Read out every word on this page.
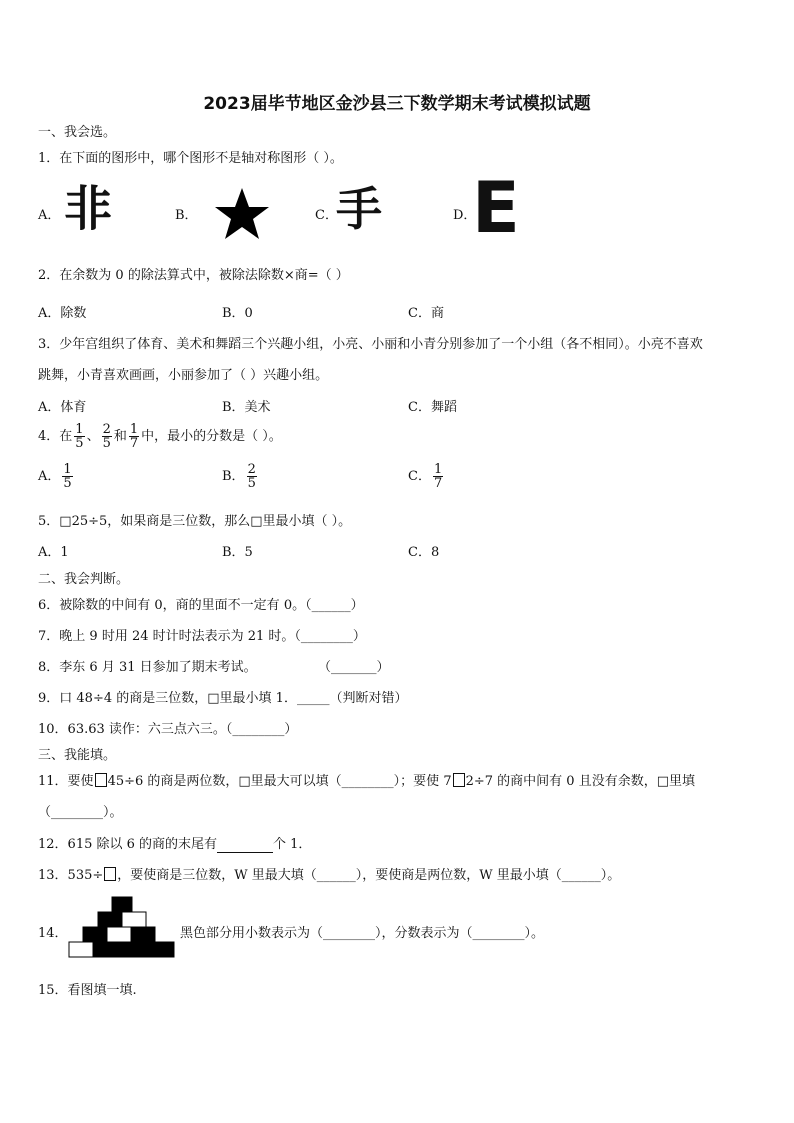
2023届毕节地区金沙县三下数学期末考试模拟试题
一、我会选。
1．在下面的图形中，哪个图形不是轴对称图形（ ）。
A． 非	B．	C．
手	D．
E
2．在余数为 0 的除法算式中，被除法除数×商=（ ）
A．除数	B．0	C．商
3．少年宫组织了体育、美术和舞蹈三个兴趣小组，小亮、小丽和小青分别参加了一个小组（各不相同）。小亮不喜欢
跳舞，小青喜欢画画，小丽参加了（ ）兴趣小组。
A．体育	B．美术	C．舞蹈
4．在 $\frac{1}{5}$ 、 $\frac{2}{5}$ 和 $\frac{1}{7}$ 中，最小的分数是（ ）。
A． $\frac{1}{5}$	B． $\frac{2}{5}$	C． $\frac{1}{7}$
5．□25÷5，如果商是三位数，那么□里最小填（ ）。
A．1	B．5	C．8
二、我会判断。
6．被除数的中间有 0，商的里面不一定有 0。（______）
7．晚上 9 时用 24 时计时法表示为 21 时。（________）
8．李东 6 月 31 日参加了期末考试。	（_______）
9．口 48÷4 的商是三位数，□里最小填 1．_____（判断对错）
10．63.63 读作：六三点六三。（________）
三、我能填。
11．要使 45÷6 的商是两位数，□里最大可以填（________）；要使 7 2÷7 的商中间有 0 且没有余数，□里填
（________）。
12．615 除以 6 的商的末尾有	个 1．
13．535÷ ，要使商是三位数，W 里最大填（______），要使商是两位数，W 里最小填（______）。
14．	黑色部分用小数表示为（________），分数表示为（________）。
15．看图填一填.
